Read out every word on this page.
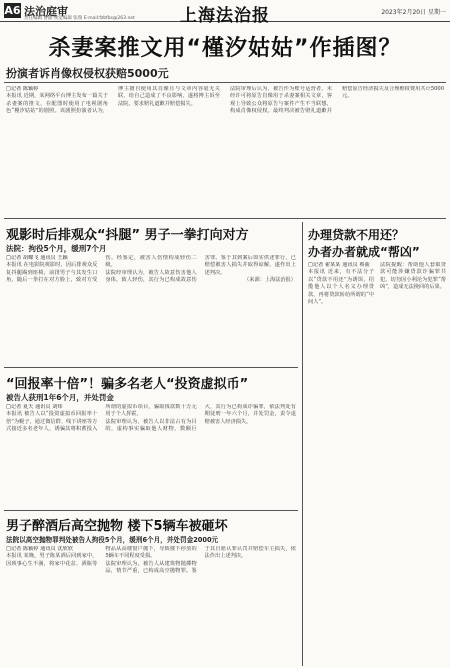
A6 法治庭审
责任编辑 曹甜 视觉编辑 张瑞 E-mail:fzbfbs@263.net	上海法治报	2023年2月20日 星期一
杀妻案推文用“槿汐姑姑”作插图？
扮演者诉肖像权侵权获赔5000元

□记者 陈颖婷

本报讯 近期，某网络平台博主发布一篇关于杀妻案的推文，在配图时使用了电视剧角色“槿汐姑姑”的剧照。该剧照扮演者认为，博主擅自使用其肖像且与文章内容毫无关联，给自己造成了不良影响，遂将博主诉至法院，要求赔礼道歉并赔偿损失。

法院审理后认为，被告作为账号运营者，未经许可将原告肖像用于杀妻案相关文章，客观上导致公众将原告与案件产生不当联想，构成肖像权侵权。最终判决被告赔礼道歉并赔偿原告经济损失及合理维权费用共计5000元。

观影时后排观众“抖腿” 男子一拳打向对方
法院：拘役5个月，缓刑7个月

□记者 胡蝶飞 通讯员 王颖

本报讯 在电影院观影时，因后排观众反复抖腿踢到座椅，前排男子与其发生口角，随后一拳打在对方脸上，致对方受伤。经鉴定，被害人伤情构成轻伤二级。

法院经审理认为，被告人故意伤害他人身体，致人轻伤，其行为已构成故意伤害罪。鉴于其到案后如实供述罪行，已赔偿被害人损失并取得谅解，遂作出上述判决。

（来源：上海法治报）

办理贷款不用还？
办者办者就成“帮凶”

□记者 翟某某 通讯员 蔡曲

本报讯 近来，有不法分子以“贷款不用还”为诱饵，招揽他人以个人名义办理贷款，再将贷款转给所谓的“中间人”。

法院提醒：帮助他人套取贷款可能涉嫌贷款诈骗罪共犯，切勿因小利沦为犯罪“帮凶”，造成无法挽回的后果。

“回报率十倍”！骗多名老人“投资虚拟币”
被告人获刑1年6个月，并处罚金

□记者 夏天 通讯员 刘炜

本报讯 被告人以“投资虚拟币回报率十倍”为幌子，通过微信群、线下讲座等方式接近多名老年人，诱骗其将积蓄投入所谓的虚拟币项目，骗取钱款数十万元用于个人挥霍。

法院审理认为，被告人以非法占有为目的，虚构事实骗取他人财物，数额巨大，其行为已构成诈骗罪，依法判处有期徒刑一年六个月，并处罚金，责令退赔被害人经济损失。

男子醉酒后高空抛物 楼下5辆车被砸坏
法院以高空抛物罪判处被告人拘役5个月，缓刑6个月，并处罚金2000元

□记者 陈颖婷 通讯员 沈欣欣

本报讯 某晚，男子陈某酒后回到家中，因琐事心生不满，将家中花盆、酒瓶等物品从高楼窗户抛下，导致楼下停放的5辆车不同程度受损。

法院审理认为，被告人从建筑物抛掷物品，情节严重，已构成高空抛物罪。鉴于其自愿认罪认罚并赔偿车主损失，依法作出上述判决。
